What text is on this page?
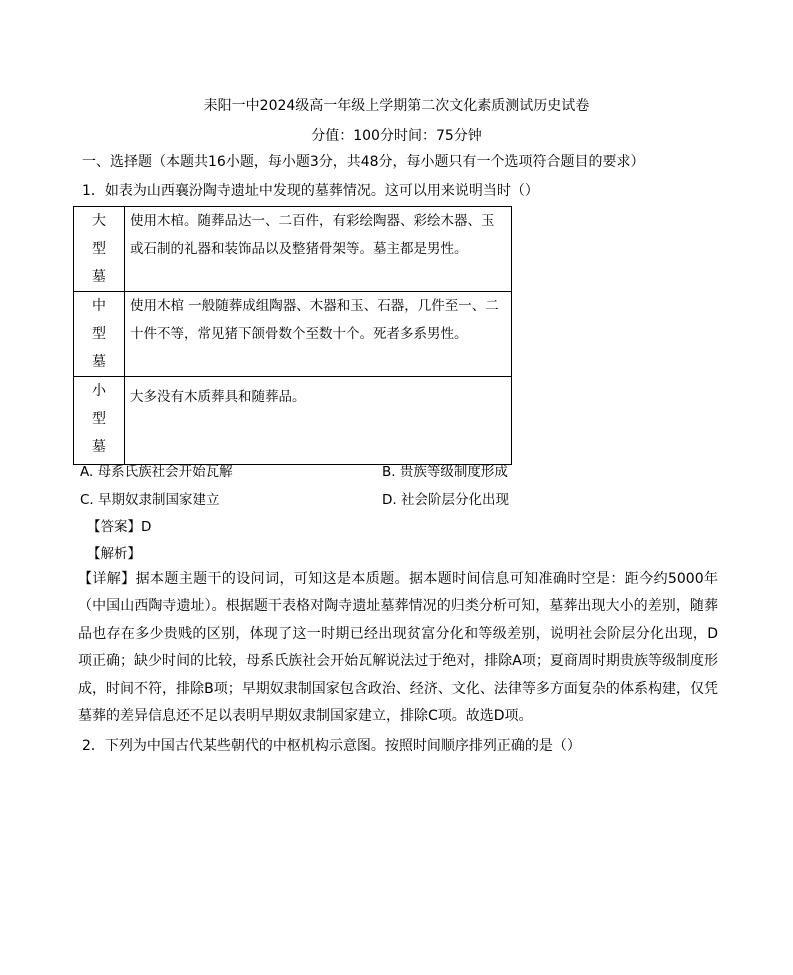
耒阳一中2024级高一年级上学期第二次文化素质测试历史试卷
分值：100分时间：75分钟
一、选择题（本题共16小题，每小题3分，共48分，每小题只有一个选项符合题目的要求）
1．如表为山西襄汾陶寺遗址中发现的墓葬情况。这可以用来说明当时（）
大
型
墓	使用木棺。随葬品达一、二百件，有彩绘陶器、彩绘木器、玉或石制的礼器和装饰品以及整猪骨架等。墓主都是男性。

中
型
墓	使用木棺 一般随葬成组陶器、木器和玉、石器，几件至一、二十件不等，常见猪下颌骨数个至数十个。死者多系男性。

小
型
墓	大多没有木质葬具和随葬品。
A. 母系氏族社会开始瓦解	B. 贵族等级制度形成
C. 早期奴隶制国家建立	D. 社会阶层分化出现
【答案】D
【解析】
【详解】据本题主题干的设问词，可知这是本质题。据本题时间信息可知准确时空是：距今约5000年（中国山西陶寺遗址）。根据题干表格对陶寺遗址墓葬情况的归类分析可知，墓葬出现大小的差别，随葬品也存在多少贵贱的区别，体现了这一时期已经出现贫富分化和等级差别，说明社会阶层分化出现，D项正确；缺少时间的比较，母系氏族社会开始瓦解说法过于绝对，排除A项；夏商周时期贵族等级制度形成，时间不符，排除B项；早期奴隶制国家包含政治、经济、文化、法律等多方面复杂的体系构建，仅凭墓葬的差异信息还不足以表明早期奴隶制国家建立，排除C项。故选D项。
2．下列为中国古代某些朝代的中枢机构示意图。按照时间顺序排列正确的是（）
